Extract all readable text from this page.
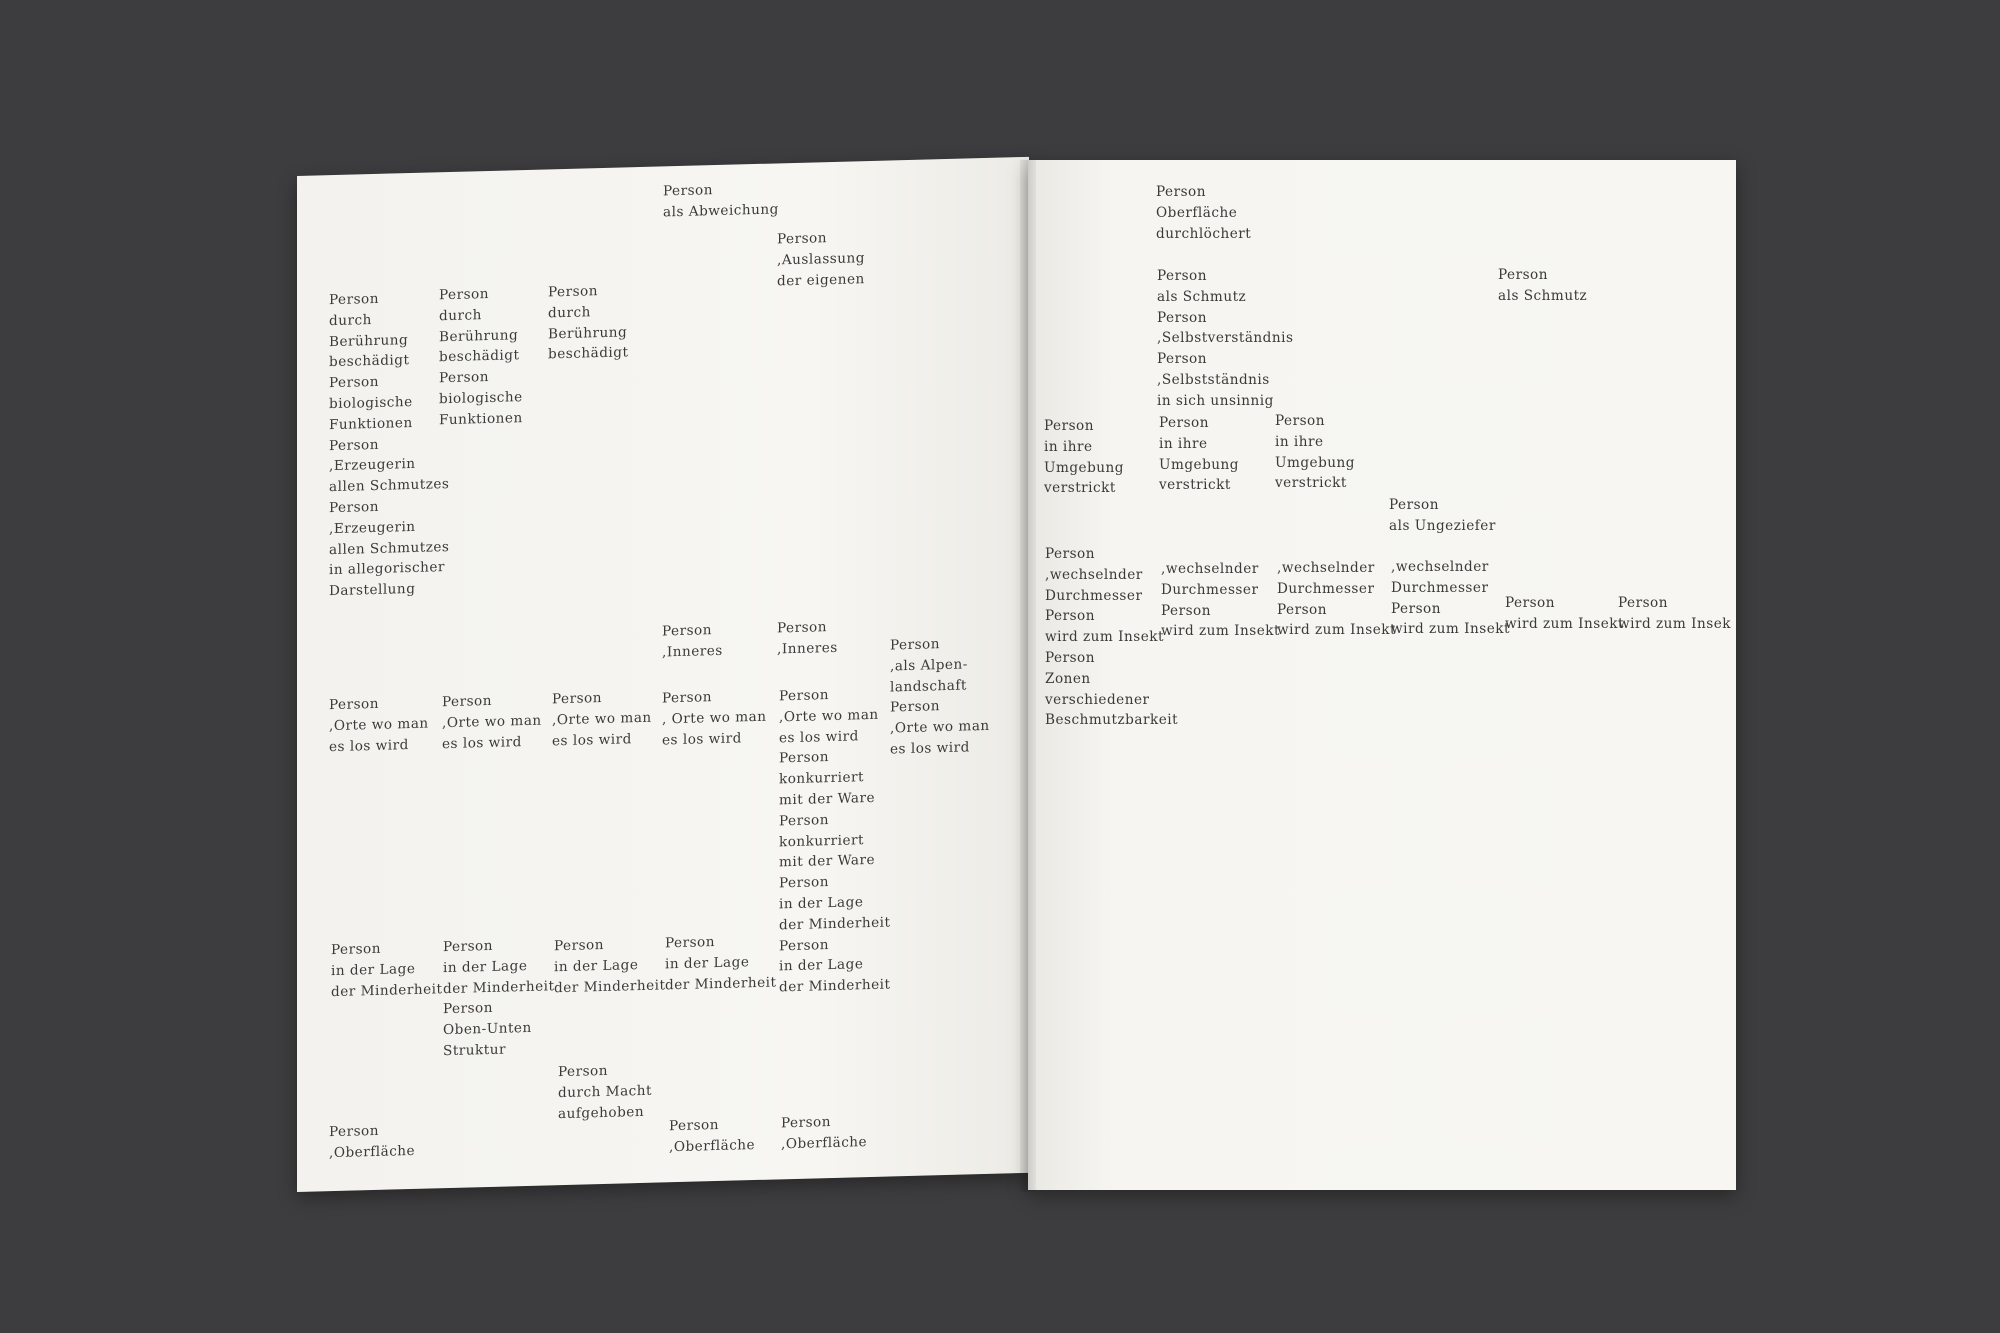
Person
als Abweichung
Person
,Auslassung
der eigenen
Person
durch
Berührung
beschädigt
Person
biologische
Funktionen
Person
,Erzeugerin
allen Schmutzes
Person
,Erzeugerin
allen Schmutzes
in allegorischer
Darstellung
Person
durch
Berührung
beschädigt
Person
biologische
Funktionen
Person
durch
Berührung
beschädigt
Person
,Inneres
Person
,Inneres	Person
,als Alpen-
landschaft
Person
,Orte wo man
es los wird
Person
,Orte wo man
es los wird
Person
,Orte wo man
es los wird
Person
,Orte wo man
es los wird
Person
, Orte wo man
es los wird
Person
,Orte wo man
es los wird
Person
konkurriert
mit der Ware
Person
konkurriert
mit der Ware
Person
in der Lage
der Minderheit
Person
in der Lage
der Minderheit
Person
in der Lage
der Minderheit
Person
in der Lage
der Minderheit
Person
Oben-Unten
Struktur
Person
in der Lage
der Minderheit
Person
in der Lage
der Minderheit
Person
durch Macht
aufgehoben
Person
,Oberfläche
Person
,Oberfläche
Person
,Oberfläche
Person
Oberfläche
durchlöchert
Person
als Schmutz
Person
,Selbstverständnis
Person
,Selbstständnis
in sich unsinnig
Person
als Schmutz
Person
in ihre
Umgebung
verstrickt
Person
in ihre
Umgebung
verstrickt
Person
in ihre
Umgebung
verstrickt
Person
als Ungeziefer
Person
,wechselnder
Durchmesser
Person
wird zum Insekt
Person
Zonen
verschiedener
Beschmutzbarkeit
,wechselnder
Durchmesser
Person
wird zum Insekt
,wechselnder
Durchmesser
Person
wird zum Insekt
,wechselnder
Durchmesser
Person
wird zum Insekt
Person
wird zum Insekt
Person
wird zum Insek
